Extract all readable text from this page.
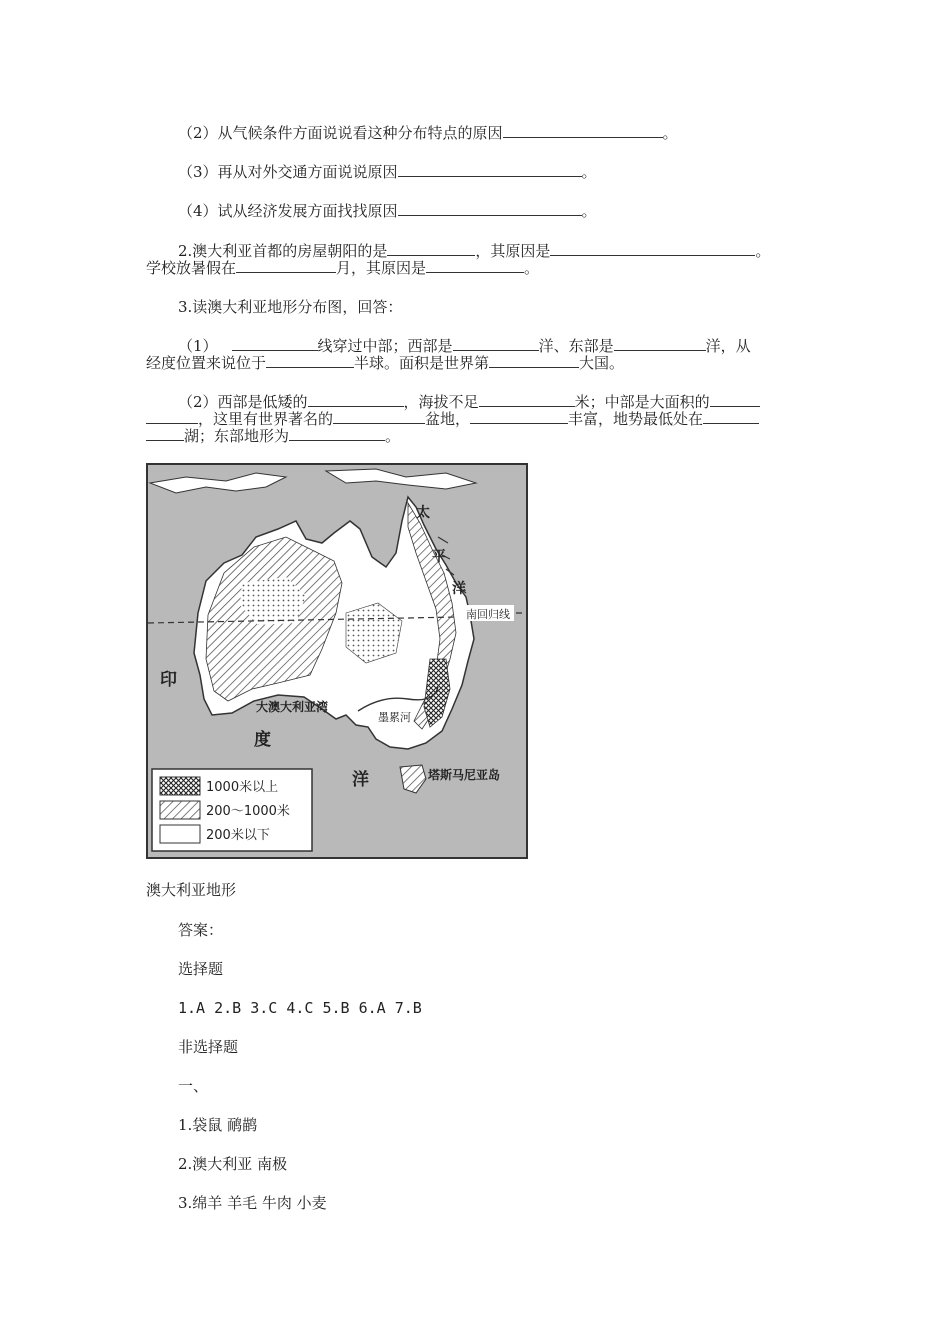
（2）从气候条件方面说说看这种分布特点的原因	。
（3）再从对外交通方面说说原因	。
（4）试从经济发展方面找找原因	。
2.澳大利亚首都的房屋朝阳的是	，其原因是	。
学校放暑假在	月，其原因是	。
3.读澳大利亚地形分布图，回答：
（1）	线穿过中部；西部是	洋、东部是	洋，从
经度位置来说位于	半球。面积是世界第	大国。
（2）西部是低矮的	，海拔不足	米；中部是大面积的
，这里有世界著名的	盆地，	丰富，地势最低处在
湖；东部地形为	。
印
度
洋
太
平
洋
南回归线
大澳大利亚湾
墨累河
塔斯马尼亚岛
1000米以上
200～1000米
200米以下
澳大利亚地形
答案：
选择题
1.A 2.B 3.C 4.C 5.B 6.A 7.B
非选择题
一、
1.袋鼠 鸸鹋
2.澳大利亚 南极
3.绵羊 羊毛 牛肉 小麦
